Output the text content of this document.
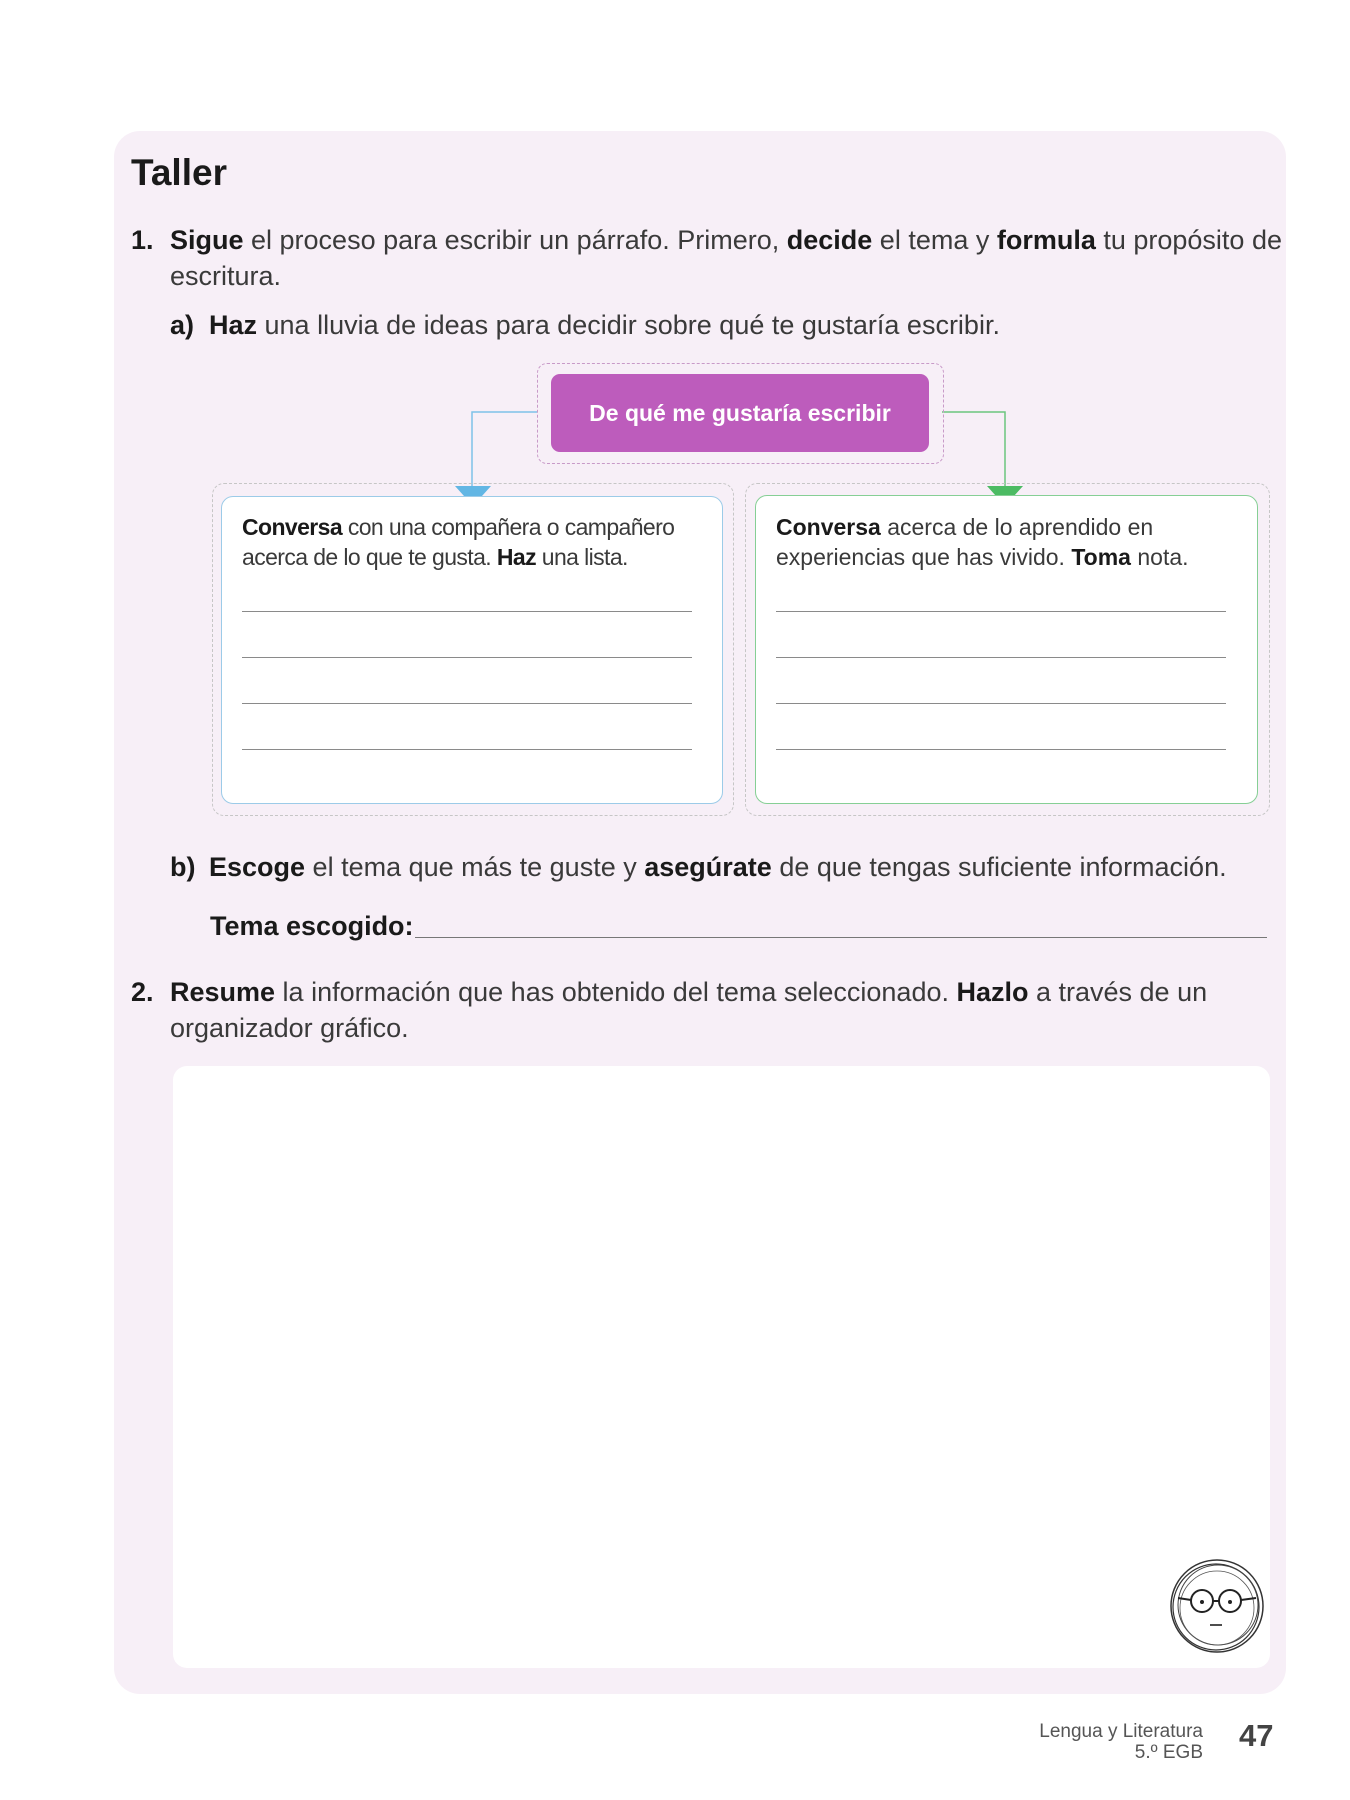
Taller
1. Sigue el proceso para escribir un párrafo. Primero, decide el tema y formula tu propósito de
escritura.
a) Haz una lluvia de ideas para decidir sobre qué te gustaría escribir.
De qué me gustaría escribir
Conversa con una compañera o campañero
acerca de lo que te gusta. Haz una lista.
Conversa acerca de lo aprendido en
experiencias que has vivido. Toma nota.
b) Escoge el tema que más te guste y asegúrate de que tengas suficiente información.
Tema escogido:
2. Resume la información que has obtenido del tema seleccionado. Hazlo a través de un
organizador gráfico.
Lengua y Literatura
5.º EGB 47
